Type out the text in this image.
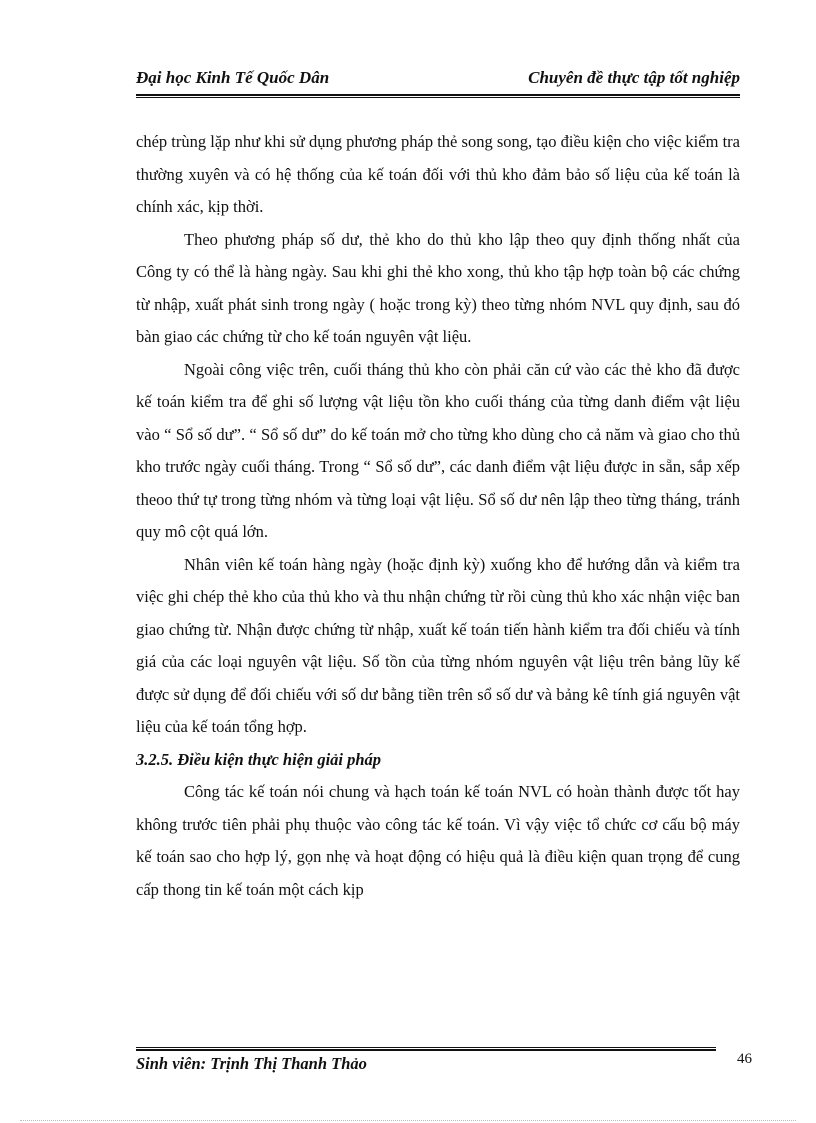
Đại học Kinh Tế Quốc Dân	Chuyên đề thực tập tốt nghiệp

chép trùng lặp như khi sử dụng phương pháp thẻ song song, tạo điều kiện cho việc kiểm tra thường xuyên và có hệ thống của kế toán đối với thủ kho đảm bảo số liệu của kế toán là chính xác, kịp thời.

Theo phương pháp số dư, thẻ kho do thủ kho lập theo quy định thống nhất của Công ty có thể là hàng ngày. Sau khi ghi thẻ kho xong, thủ kho tập hợp toàn bộ các chứng từ nhập, xuất phát sinh trong ngày ( hoặc trong kỳ) theo từng nhóm NVL quy định, sau đó bàn giao các chứng từ cho kế toán nguyên vật liệu.

Ngoài công việc trên, cuối tháng thủ kho còn phải căn cứ vào các thẻ kho đã được kế toán kiểm tra để ghi số lượng vật liệu tồn kho cuối tháng của từng danh điểm vật liệu vào “ Sổ số dư”. “ Sổ số dư” do kế toán mở cho từng kho dùng cho cả năm và giao cho thủ kho trước ngày cuối tháng. Trong “ Sổ số dư”, các danh điểm vật liệu được in sẵn, sắp xếp theoo thứ tự trong từng nhóm và từng loại vật liệu. Sổ số dư nên lập theo từng tháng, tránh quy mô cột quá lớn.

Nhân viên kế toán hàng ngày (hoặc định kỳ) xuống kho để hướng dẫn và kiểm tra việc ghi chép thẻ kho của thủ kho và thu nhận chứng từ rồi cùng thủ kho xác nhận việc ban giao chứng từ. Nhận được chứng từ nhập, xuất kế toán tiến hành kiểm tra đối chiếu và tính giá của các loại nguyên vật liệu. Số tồn của từng nhóm nguyên vật liệu trên bảng lũy kế được sử dụng để đối chiếu với số dư bằng tiền trên sổ số dư và bảng kê tính giá nguyên vật liệu của kế toán tổng hợp.

3.2.5. Điều kiện thực hiện giải pháp

Công tác kế toán nói chung và hạch toán kế toán NVL có hoàn thành được tốt hay không trước tiên phải phụ thuộc vào công tác kế toán. Vì vậy việc tổ chức cơ cấu bộ máy kế toán sao cho hợp lý, gọn nhẹ và hoạt động có hiệu quả là điều kiện quan trọng để cung cấp thong tin kế toán một cách kịp

Sinh viên: Trịnh Thị Thanh Thảo	46
